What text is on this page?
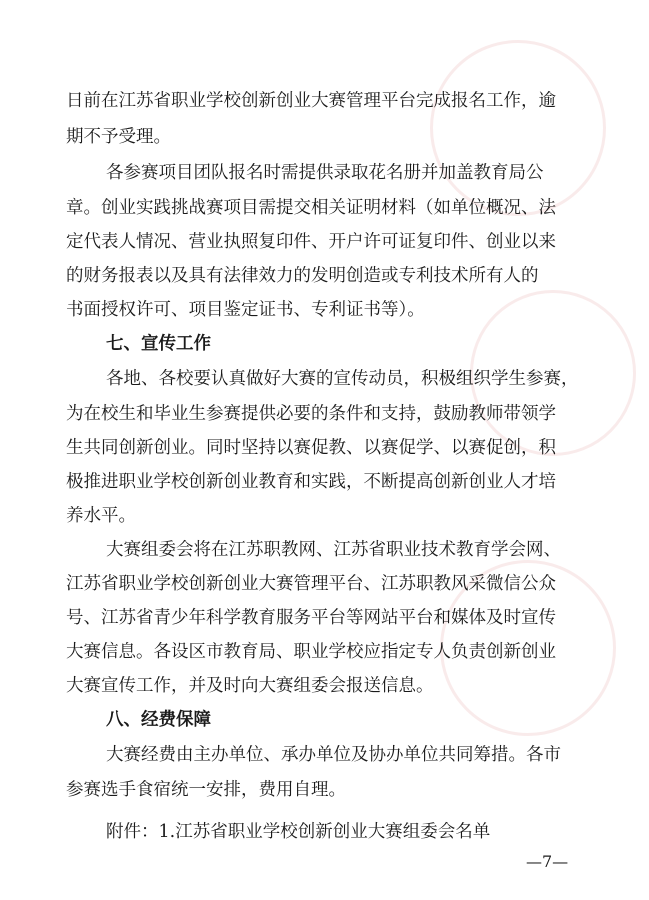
日前在江苏省职业学校创新创业大赛管理平台完成报名工作，逾
期不予受理。
各参赛项目团队报名时需提供录取花名册并加盖教育局公
章。创业实践挑战赛项目需提交相关证明材料（如单位概况、法
定代表人情况、营业执照复印件、开户许可证复印件、创业以来
的财务报表以及具有法律效力的发明创造或专利技术所有人的
书面授权许可、项目鉴定证书、专利证书等）。
七、宣传工作
各地、各校要认真做好大赛的宣传动员，积极组织学生参赛，
为在校生和毕业生参赛提供必要的条件和支持，鼓励教师带领学
生共同创新创业。同时坚持以赛促教、以赛促学、以赛促创，积
极推进职业学校创新创业教育和实践，不断提高创新创业人才培
养水平。
大赛组委会将在江苏职教网、江苏省职业技术教育学会网、
江苏省职业学校创新创业大赛管理平台、江苏职教风采微信公众
号、江苏省青少年科学教育服务平台等网站平台和媒体及时宣传
大赛信息。各设区市教育局、职业学校应指定专人负责创新创业
大赛宣传工作，并及时向大赛组委会报送信息。
八、经费保障
大赛经费由主办单位、承办单位及协办单位共同筹措。各市
参赛选手食宿统一安排，费用自理。
—7—
附件：1.江苏省职业学校创新创业大赛组委会名单
